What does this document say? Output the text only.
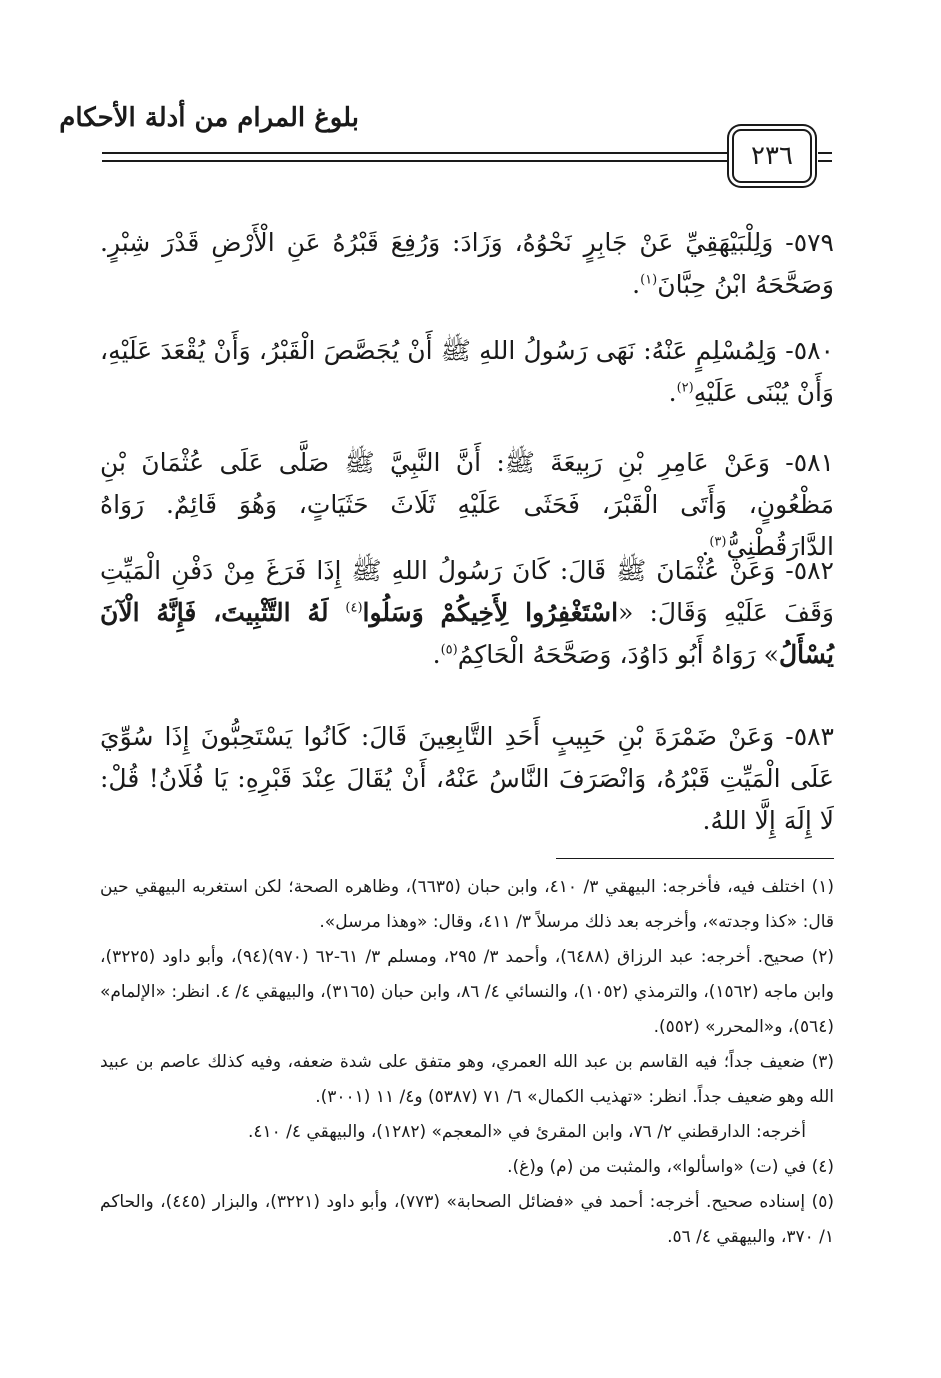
بلوغ المرام من أدلة الأحكام
٢٣٦
٥٧٩- وَلِلْبَيْهَقِيِّ عَنْ جَابِرٍ نَحْوُهُ، وَزَادَ: وَرُفِعَ قَبْرُهُ عَنِ الْأَرْضِ قَدْرَ شِبْرٍ. وَصَحَّحَهُ ابْنُ حِبَّانَ$^{(١)}$.
٥٨٠- وَلِمُسْلِمٍ عَنْهُ: نَهَى رَسُولُ اللهِ ﷺ أَنْ يُجَصَّصَ الْقَبْرُ، وَأَنْ يُقْعَدَ عَلَيْهِ، وَأَنْ يُبْنَى عَلَيْهِ$^{(٢)}$.
٥٨١- وَعَنْ عَامِرِ بْنِ رَبِيعَةَ ﷺ: أَنَّ النَّبِيَّ ﷺ صَلَّى عَلَى عُثْمَانَ بْنِ مَظْعُونٍ، وَأَتَى الْقَبْرَ، فَحَثَى عَلَيْهِ ثَلَاثَ حَثَيَاتٍ، وَهُوَ قَائِمٌ. رَوَاهُ الدَّارَقُطْنِيُّ$^{(٣)}$.
٥٨٢- وَعَنْ عُثْمَانَ ﷺ قَالَ: كَانَ رَسُولُ اللهِ ﷺ إِذَا فَرَغَ مِنْ دَفْنِ الْمَيِّتِ وَقَفَ عَلَيْهِ وَقَالَ: «اسْتَغْفِرُوا لِأَخِيكُمْ وَسَلُوا$^{(٤)}$ لَهُ التَّثْبِيتَ، فَإِنَّهُ الْآنَ يُسْأَلُ» رَوَاهُ أَبُو دَاوُدَ، وَصَحَّحَهُ الْحَاكِمُ$^{(٥)}$.
٥٨٣- وَعَنْ ضَمْرَةَ بْنِ حَبِيبٍ أَحَدِ التَّابِعِينَ قَالَ: كَانُوا يَسْتَحِبُّونَ إِذَا سُوِّيَ عَلَى الْمَيِّتِ قَبْرُهُ، وَانْصَرَفَ النَّاسُ عَنْهُ، أَنْ يُقَالَ عِنْدَ قَبْرِهِ: يَا فُلَانُ! قُلْ: لَا إِلَهَ إِلَّا اللهُ.

(١) اختلف فيه، فأخرجه: البيهقي ٣/ ٤١٠، وابن حبان (٦٦٣٥)، وظاهره الصحة؛ لكن استغربه البيهقي حين قال: «كذا وجدته»، وأخرجه بعد ذلك مرسلاً ٣/ ٤١١، وقال: «وهذا مرسل».

(٢) صحيح. أخرجه: عبد الرزاق (٦٤٨٨)، وأحمد ٣/ ٢٩٥، ومسلم ٣/ ٦١-٦٢ (٩٧٠)(٩٤)، وأبو داود (٣٢٢٥)، وابن ماجه (١٥٦٢)، والترمذي (١٠٥٢)، والنسائي ٤/ ٨٦، وابن حبان (٣١٦٥)، والبيهقي ٤/ ٤. انظر: «الإلمام» (٥٦٤)، و«المحرر» (٥٥٢).

(٣) ضعيف جداً؛ فيه القاسم بن عبد الله العمري، وهو متفق على شدة ضعفه، وفيه كذلك عاصم بن عبيد الله وهو ضعيف جداً. انظر: «تهذيب الكمال» ٦/ ٧١ (٥٣٨٧) و٤/ ١١ (٣٠٠١).

أخرجه: الدارقطني ٢/ ٧٦، وابن المقرئ في «المعجم» (١٢٨٢)، والبيهقي ٤/ ٤١٠.

(٤) في (ت) «واسألوا»، والمثبت من (م) و(غ).

(٥) إسناده صحيح. أخرجه: أحمد في «فضائل الصحابة» (٧٧٣)، وأبو داود (٣٢٢١)، والبزار (٤٤٥)، والحاكم ١/ ٣٧٠، والبيهقي ٤/ ٥٦.
